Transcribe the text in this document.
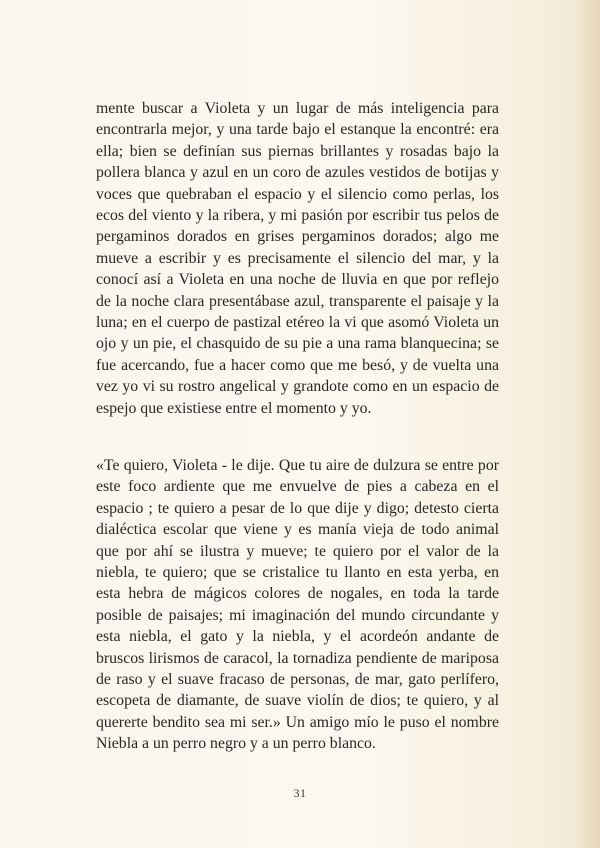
mente buscar a Violeta y un lugar de más inteligencia para encontrarla mejor, y una tarde bajo el estanque la encontré: era ella; bien se definían sus piernas brillantes y rosadas bajo la pollera blanca y azul en un coro de azules vestidos de botijas y voces que quebraban el espacio y el silencio como perlas, los ecos del viento y la ribera, y mi pasión por escribir tus pelos de pergaminos dorados en grises pergaminos dorados; algo me mueve a escribir y es precisamente el silencio del mar, y la conocí así a Violeta en una noche de lluvia en que por reflejo de la noche clara presentábase azul, transparente el paisaje y la luna; en el cuerpo de pastizal etéreo la vi que asomó Violeta un ojo y un pie, el chasquido de su pie a una rama blanquecina; se fue acercando, fue a hacer como que me besó, y de vuelta una vez yo vi su rostro angelical y grandote como en un espacio de espejo que existiese entre el momento y yo.

«Te quiero, Violeta - le dije. Que tu aire de dulzura se entre por este foco ardiente que me envuelve de pies a cabeza en el espacio ; te quiero a pesar de lo que dije y digo; detesto cierta dialéctica escolar que viene y es manía vieja de todo animal que por ahí se ilustra y mueve; te quiero por el valor de la niebla, te quiero; que se cristalice tu llanto en esta yerba, en esta hebra de mágicos colores de nogales, en toda la tarde posible de paisajes; mi imaginación del mundo circundante y esta niebla, el gato y la niebla, y el acordeón andante de bruscos lirismos de caracol, la tornadiza pendiente de mariposa de raso y el suave fracaso de personas, de mar, gato perlífero, escopeta de diamante, de suave violín de dios; te quiero, y al quererte bendito sea mi ser.» Un amigo mío le puso el nombre Niebla a un perro negro y a un perro blanco.

31
